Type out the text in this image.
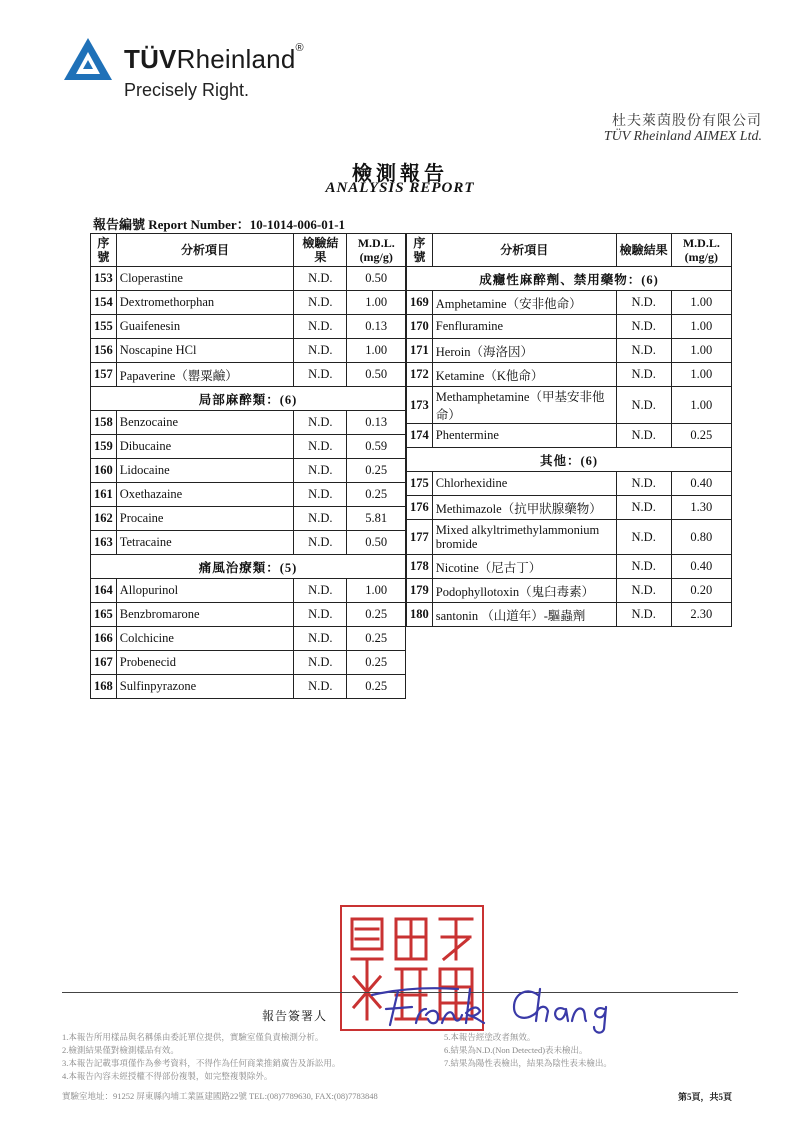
TÜVRheinland®
Precisely Right.
杜夫萊茵股份有限公司
TÜV Rheinland AIMEX Ltd.
檢測報告
ANALYSIS REPORT
報告編號 Report Number：10-1014-006-01-1
序號	分析項目	檢驗結果	M.D.L.
(mg/g)
153	Cloperastine	N.D.	0.50
154	Dextromethorphan	N.D.	1.00
155	Guaifenesin	N.D.	0.13
156	Noscapine HCl	N.D.	1.00
157	Papaverine（罌粟鹼）	N.D.	0.50
局部麻醉類：(6)			
158	Benzocaine	N.D.	0.13
159	Dibucaine	N.D.	0.59
160	Lidocaine	N.D.	0.25
161	Oxethazaine	N.D.	0.25
162	Procaine	N.D.	5.81
163	Tetracaine	N.D.	0.50
痛風治療類：(5)			
164	Allopurinol	N.D.	1.00
165	Benzbromarone	N.D.	0.25
166	Colchicine	N.D.	0.25
167	Probenecid	N.D.	0.25
168	Sulfinpyrazone	N.D.	0.25
序號	分析項目	檢驗結果	M.D.L.
(mg/g)
成癮性麻醉劑、禁用藥物：(6)			
169	Amphetamine（安非他命）	N.D.	1.00
170	Fenfluramine	N.D.	1.00
171	Heroin（海洛因）	N.D.	1.00
172	Ketamine（K他命）	N.D.	1.00
173	Methamphetamine（甲基安非他命）	N.D.	1.00
174	Phentermine	N.D.	0.25
其他：(6)			
175	Chlorhexidine	N.D.	0.40
176	Methimazole（抗甲狀腺藥物）	N.D.	1.30
177	Mixed alkyltrimethylammonium bromide	N.D.	0.80
178	Nicotine（尼古丁）	N.D.	0.40
179	Podophyllotoxin（鬼臼毒素）	N.D.	0.20
180	santonin （山道年）-驅蟲劑	N.D.	2.30
報告簽署人
1.本報告所用樣品與名稱係由委託單位提供，實驗室僅負責檢測分析。
2.檢測結果僅對檢測樣品有效。
3.本報告記載事項僅作為參考資料，不得作為任何商業推銷廣告及訴訟用。
4.本報告內容未經授權不得部份複製，如完整複製除外。
5.本報告經塗改者無效。
6.結果為N.D.(Non Detected)表未檢出。
7.結果為陽性表檢出，結果為陰性表未檢出。
實驗室地址：91252 屏東縣內埔工業區建國路22號 TEL:(08)7789630, FAX:(08)7783848	第5頁，共5頁
